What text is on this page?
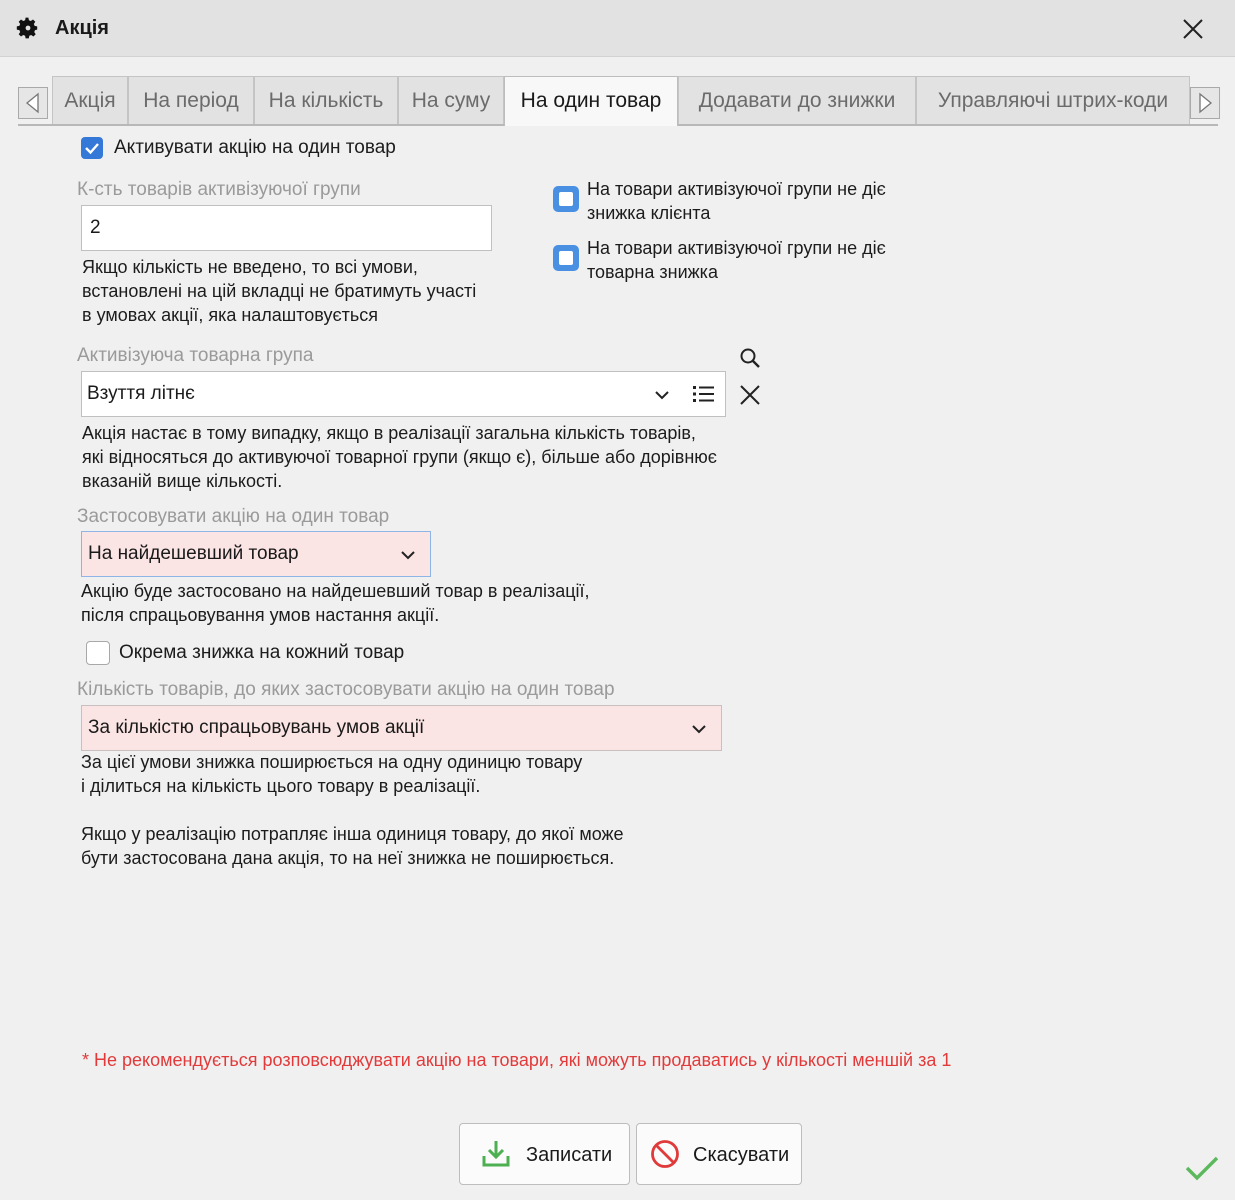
Акція
Акція	На період	На кількість	На суму	На один товар	Додавати до знижки	Управляючі штрих-коди
Активувати акцію на один товар
К-сть товарів активізуючої групи
2
Якщо кількість не введено, то всі умови,
встановлені на цій вкладці не братимуть участі
в умовах акції, яка налаштовується
На товари активізуючої групи не діє
знижка клієнта
На товари активізуючої групи не діє
товарна знижка
Активізуюча товарна група
Взуття літнє
Акція настає в тому випадку, якщо в реалізації загальна кількість товарів,
які відносяться до активуючої товарної групи (якщо є), більше або дорівнює
вказаній вище кількості.
Застосовувати акцію на один товар
На найдешевший товар
Акцію буде застосовано на найдешевший товар в реалізації,
після спрацьовування умов настання акції.
Окрема знижка на кожний товар
Кількість товарів, до яких застосовувати акцію на один товар
За кількістю спрацьовувань умов акції
За цієї умови знижка поширюється на одну одиницю товару
і ділиться на кількість цього товару в реалізації.
Якщо у реалізацію потрапляє інша одиниця товару, до якої може
бути застосована дана акція, то на неї знижка не поширюється.
* Не рекомендується розповсюджувати акцію на товари, які можуть продаватись у кількості меншій за 1
Записати	Скасувати
